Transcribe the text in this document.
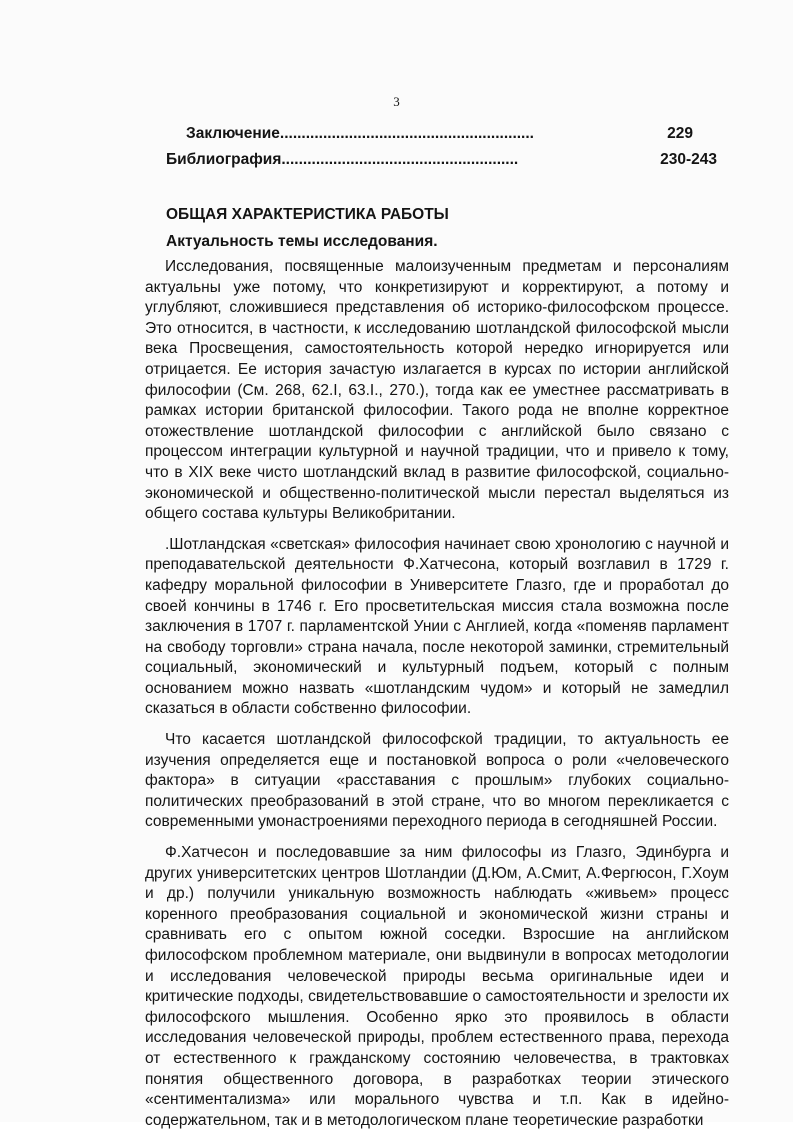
3
Заключение...........................................................	229
Библиография.......................................................	230-243
ОБЩАЯ ХАРАКТЕРИСТИКА РАБОТЫ
Актуальность темы исследования.

Исследования, посвященные малоизученным предметам и персоналиям актуальны уже потому, что конкретизируют и корректируют, а потому и углубляют, сложившиеся представления об историко-философском процессе. Это относится, в частности, к исследованию шотландской философской мысли века Просвещения, самостоятельность которой нередко игнорируется или отрицается. Ее история зачастую излагается в курсах по истории английской философии (См. 268, 62.I, 63.I., 270.), тогда как ее уместнее рассматривать в рамках истории британской философии. Такого рода не вполне корректное отожествление шотландской философии с английской было связано с процессом интеграции культурной и научной традиции, что и привело к тому, что в XIX веке чисто шотландский вклад в развитие философской, социально-экономической и общественно-политической мысли перестал выделяться из общего состава культуры Великобритании.

.Шотландская «светская» философия начинает свою хронологию с научной и преподавательской деятельности Ф.Хатчесона, который возглавил в 1729 г. кафедру моральной философии в Университете Глазго, где и проработал до своей кончины в 1746 г. Его просветительская миссия стала возможна после заключения в 1707 г. парламентской Унии с Англией, когда «поменяв парламент на свободу торговли» страна начала, после некоторой заминки, стремительный социальный, экономический и культурный подъем, который с полным основанием можно назвать «шотландским чудом» и который не замедлил сказаться в области собственно философии.

Что касается шотландской философской традиции, то актуальность ее изучения определяется еще и постановкой вопроса о роли «человеческого фактора» в ситуации «расставания с прошлым» глубоких социально-политических преобразований в этой стране, что во многом перекликается с современными умонастроениями переходного периода в сегодняшней России.

Ф.Хатчесон и последовавшие за ним философы из Глазго, Эдинбурга и других университетских центров Шотландии (Д.Юм, А.Смит, А.Фергюсон, Г.Хоум и др.) получили уникальную возможность наблюдать «живьем» процесс коренного преобразования социальной и экономической жизни страны и сравнивать его с опытом южной соседки. Взросшие на английском философском проблемном материале, они выдвинули в вопросах методологии и исследования человеческой природы весьма оригинальные идеи и критические подходы, свидетельствовавшие о самостоятельности и зрелости их философского мышления. Особенно ярко это проявилось в области исследования человеческой природы, проблем естественного права, перехода от естественного к гражданскому состоянию человечества, в трактовках понятия общественного договора, в разработках теории этического «сентиментализма» или морального чувства и т.п. Как в идейно-содержательном, так и в методологическом плане теоретические разработки
